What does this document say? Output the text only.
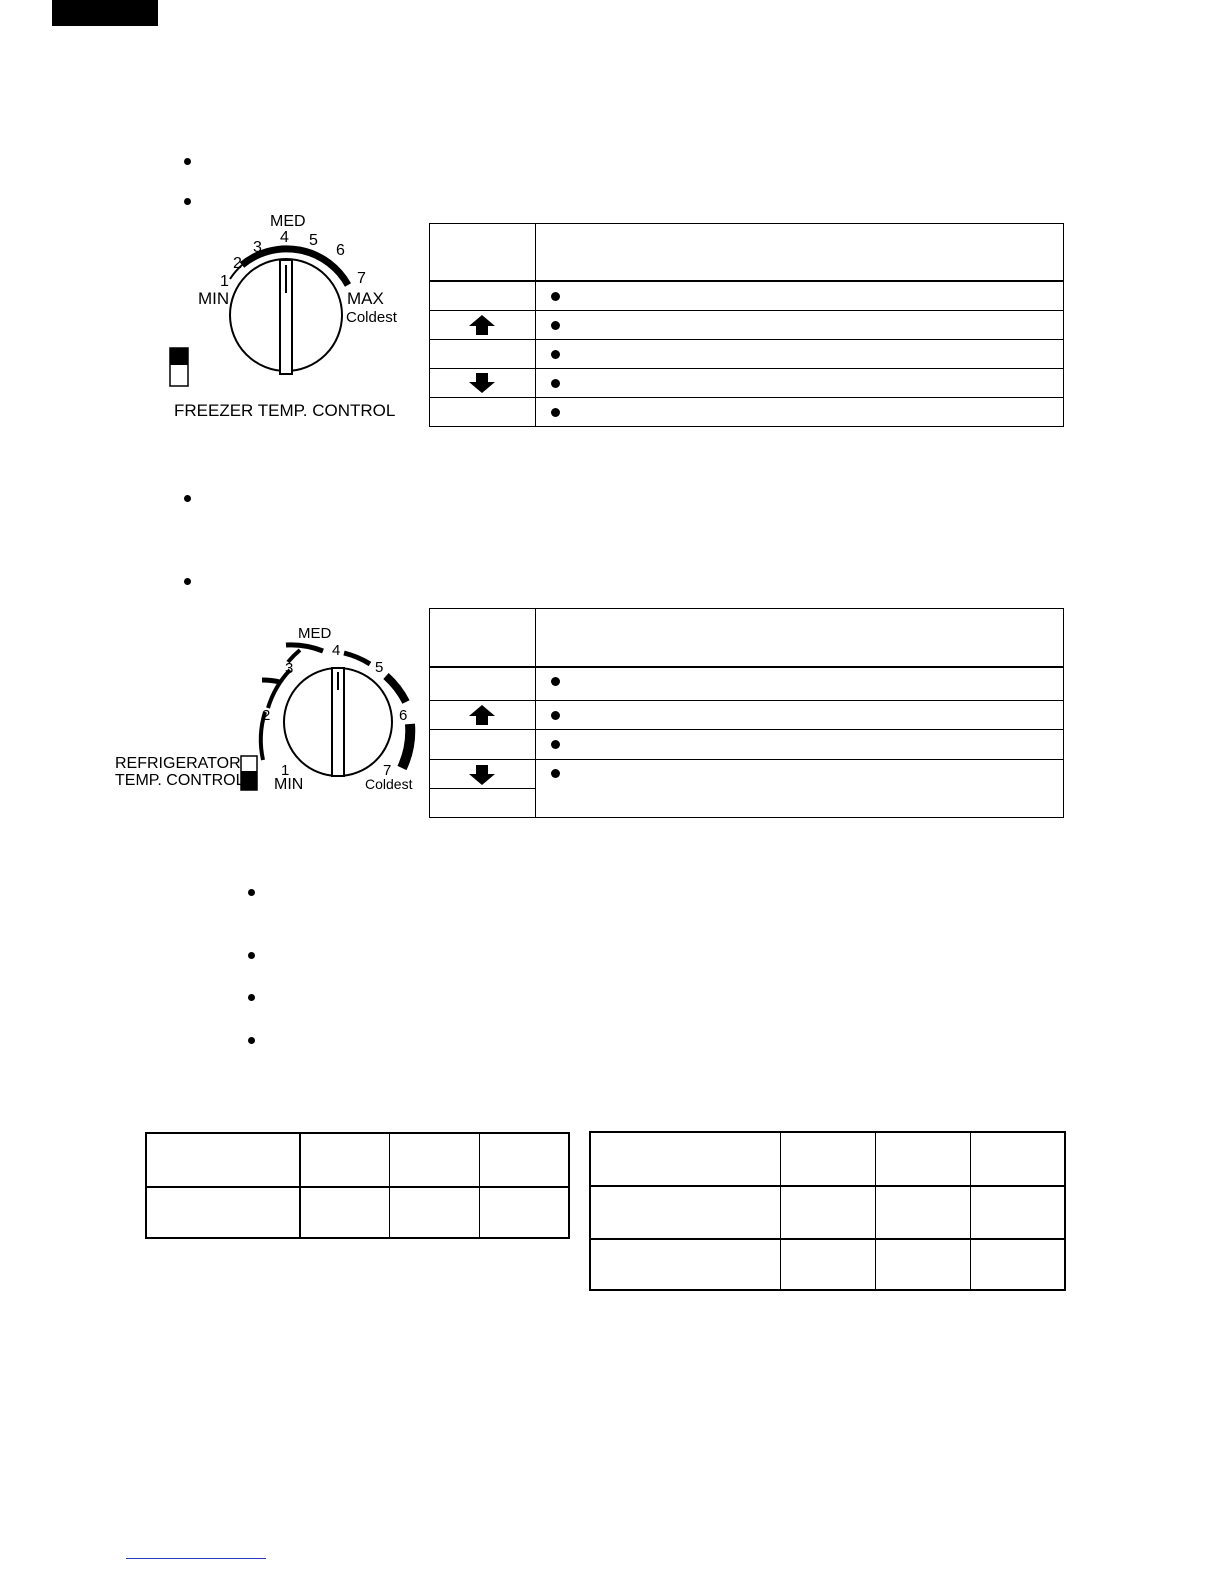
MED
1
2
3
4 5
6
7
MIN	MAX
Coldest
FREEZER TEMP. CONTROL
MED
4
3	5
2	6
1	7
MIN	Coldest
REFRIGERATOR
TEMP. CONTROL
